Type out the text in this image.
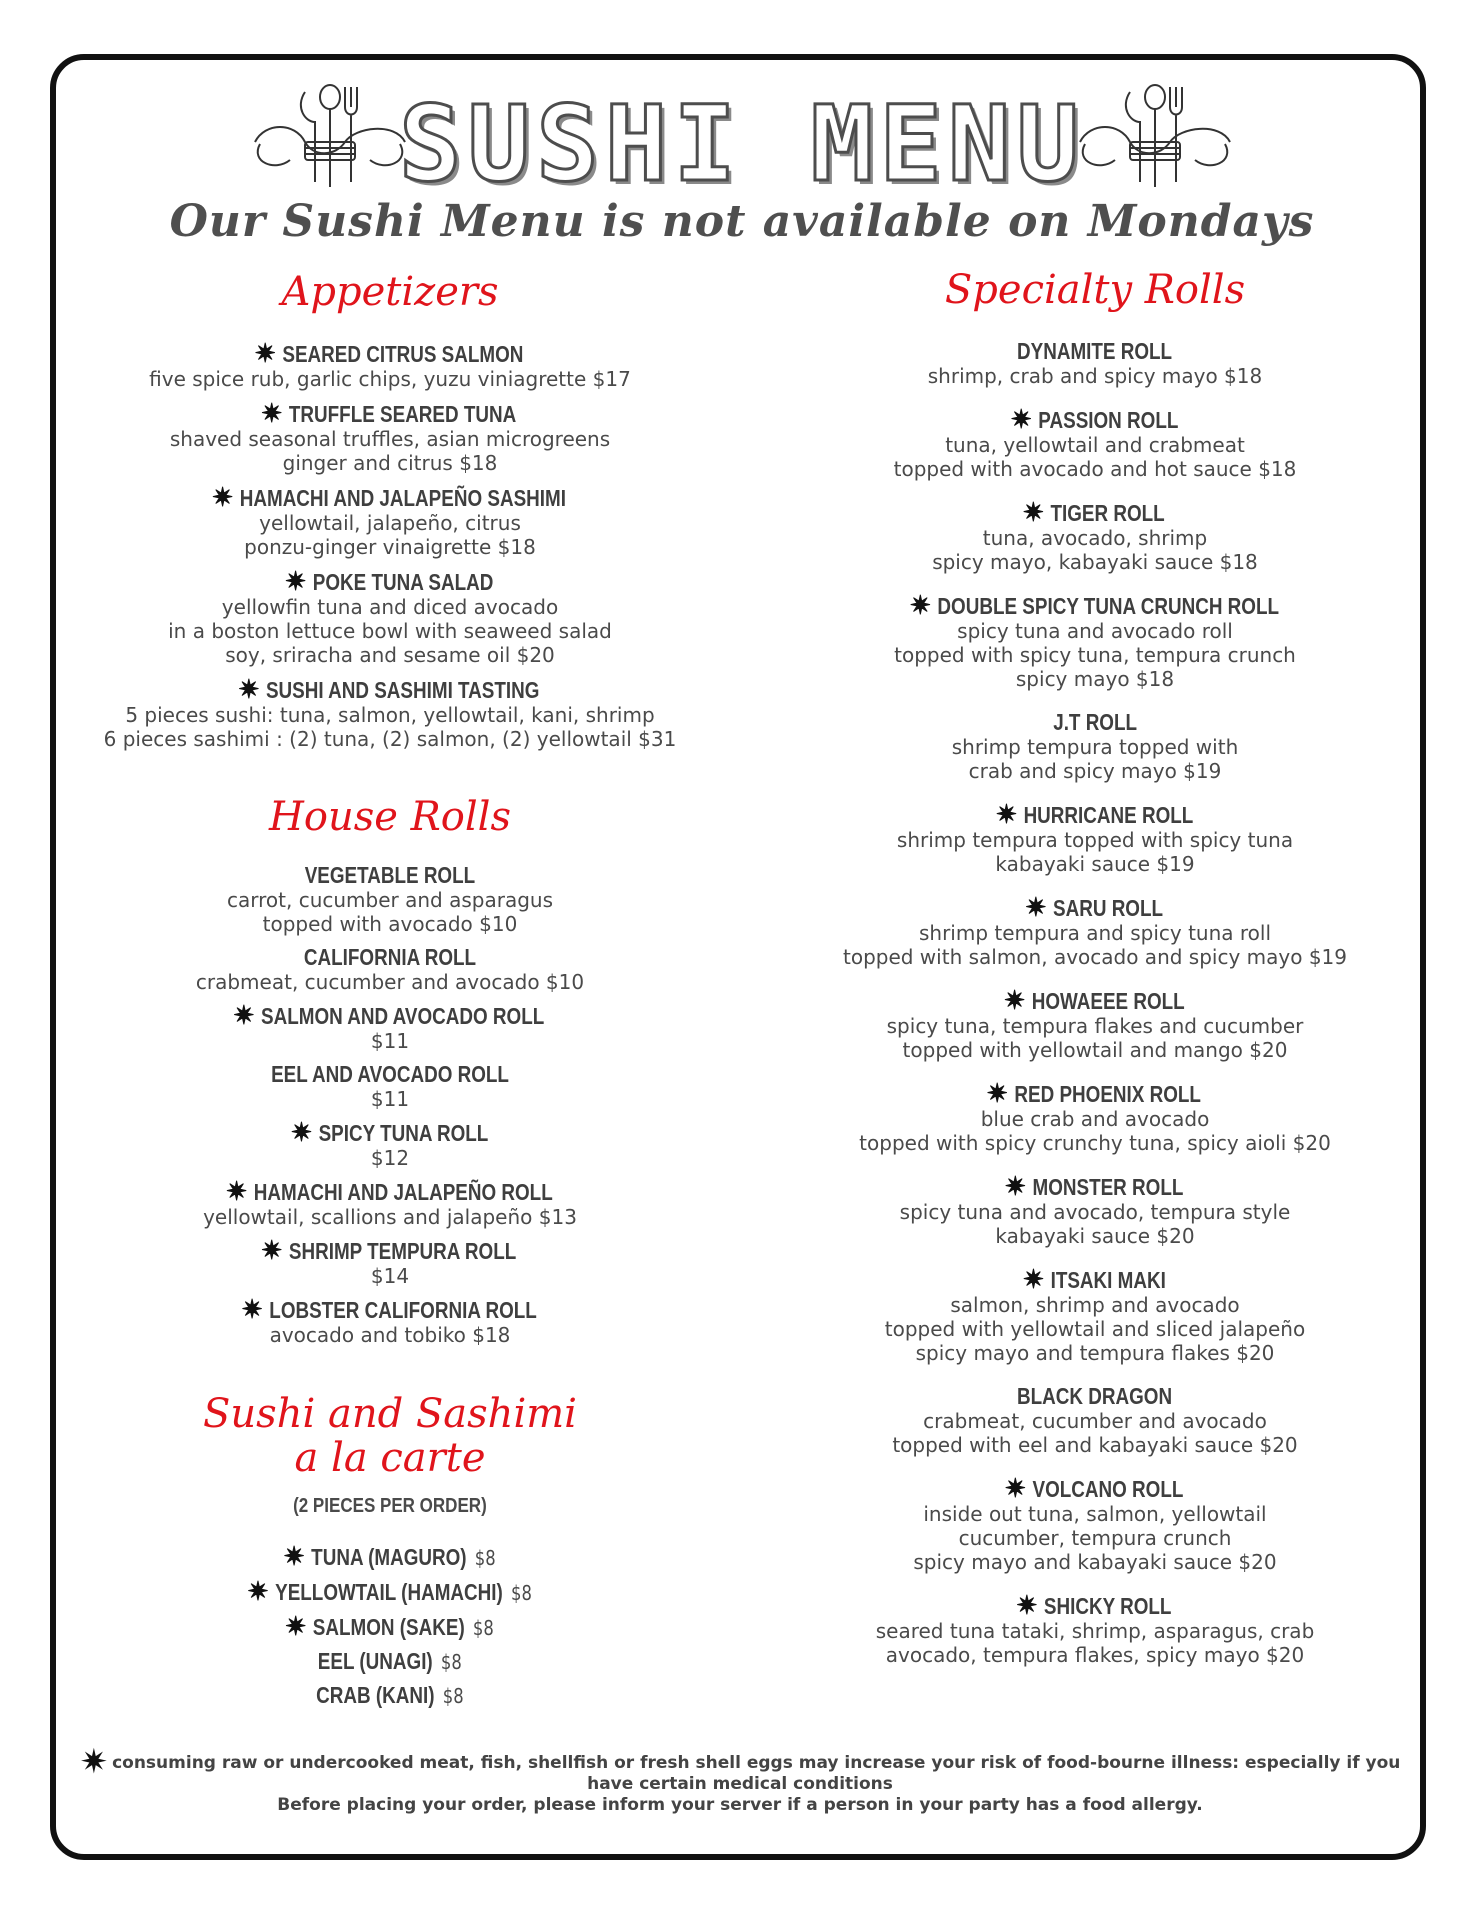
SUSHI MENU
Our Sushi Menu is not available on Mondays
Appetizers
House Rolls
Sushi and Sashimi
a la carte
Specialty Rolls
✷ SEARED CITRUS SALMON
five spice rub, garlic chips, yuzu viniagrette $17
✷ TRUFFLE SEARED TUNA
shaved seasonal truffles, asian microgreens
ginger and citrus $18
✷ HAMACHI AND JALAPEÑO SASHIMI
yellowtail, jalapeño, citrus
ponzu-ginger vinaigrette $18
✷ POKE TUNA SALAD
yellowfin tuna and diced avocado
in a boston lettuce bowl with seaweed salad
soy, sriracha and sesame oil $20
✷ SUSHI AND SASHIMI TASTING
5 pieces sushi: tuna, salmon, yellowtail, kani, shrimp
6 pieces sashimi : (2) tuna, (2) salmon, (2) yellowtail $31
VEGETABLE ROLL
carrot, cucumber and asparagus
topped with avocado $10
CALIFORNIA ROLL
crabmeat, cucumber and avocado $10
✷ SALMON AND AVOCADO ROLL
$11
EEL AND AVOCADO ROLL
$11
✷ SPICY TUNA ROLL
$12
✷ HAMACHI AND JALAPEÑO ROLL
yellowtail, scallions and jalapeño $13
✷ SHRIMP TEMPURA ROLL
$14
✷ LOBSTER CALIFORNIA ROLL
avocado and tobiko $18
(2 PIECES PER ORDER)
✷ TUNA (MAGURO) $8
✷ YELLOWTAIL (HAMACHI) $8
✷ SALMON (SAKE) $8
EEL (UNAGI) $8
CRAB (KANI) $8
DYNAMITE ROLL
shrimp, crab and spicy mayo $18
✷ PASSION ROLL
tuna, yellowtail and crabmeat
topped with avocado and hot sauce $18
✷ TIGER ROLL
tuna, avocado, shrimp
spicy mayo, kabayaki sauce $18
✷ DOUBLE SPICY TUNA CRUNCH ROLL
spicy tuna and avocado roll
topped with spicy tuna, tempura crunch
spicy mayo $18
J.T ROLL
shrimp tempura topped with
crab and spicy mayo $19
✷ HURRICANE ROLL
shrimp tempura topped with spicy tuna
kabayaki sauce $19
✷ SARU ROLL
shrimp tempura and spicy tuna roll
topped with salmon, avocado and spicy mayo $19
✷ HOWAEEE ROLL
spicy tuna, tempura flakes and cucumber
topped with yellowtail and mango $20
✷ RED PHOENIX ROLL
blue crab and avocado
topped with spicy crunchy tuna, spicy aioli $20
✷ MONSTER ROLL
spicy tuna and avocado, tempura style
kabayaki sauce $20
✷ ITSAKI MAKI
salmon, shrimp and avocado
topped with yellowtail and sliced jalapeño
spicy mayo and tempura flakes $20
BLACK DRAGON
crabmeat, cucumber and avocado
topped with eel and kabayaki sauce $20
✷ VOLCANO ROLL
inside out tuna, salmon, yellowtail
cucumber, tempura crunch
spicy mayo and kabayaki sauce $20
✷ SHICKY ROLL
seared tuna tataki, shrimp, asparagus, crab
avocado, tempura flakes, spicy mayo $20
✷ consuming raw or undercooked meat, fish, shellfish or fresh shell eggs may increase your risk of food-bourne illness: especially if you
have certain medical conditions
Before placing your order, please inform your server if a person in your party has a food allergy.
